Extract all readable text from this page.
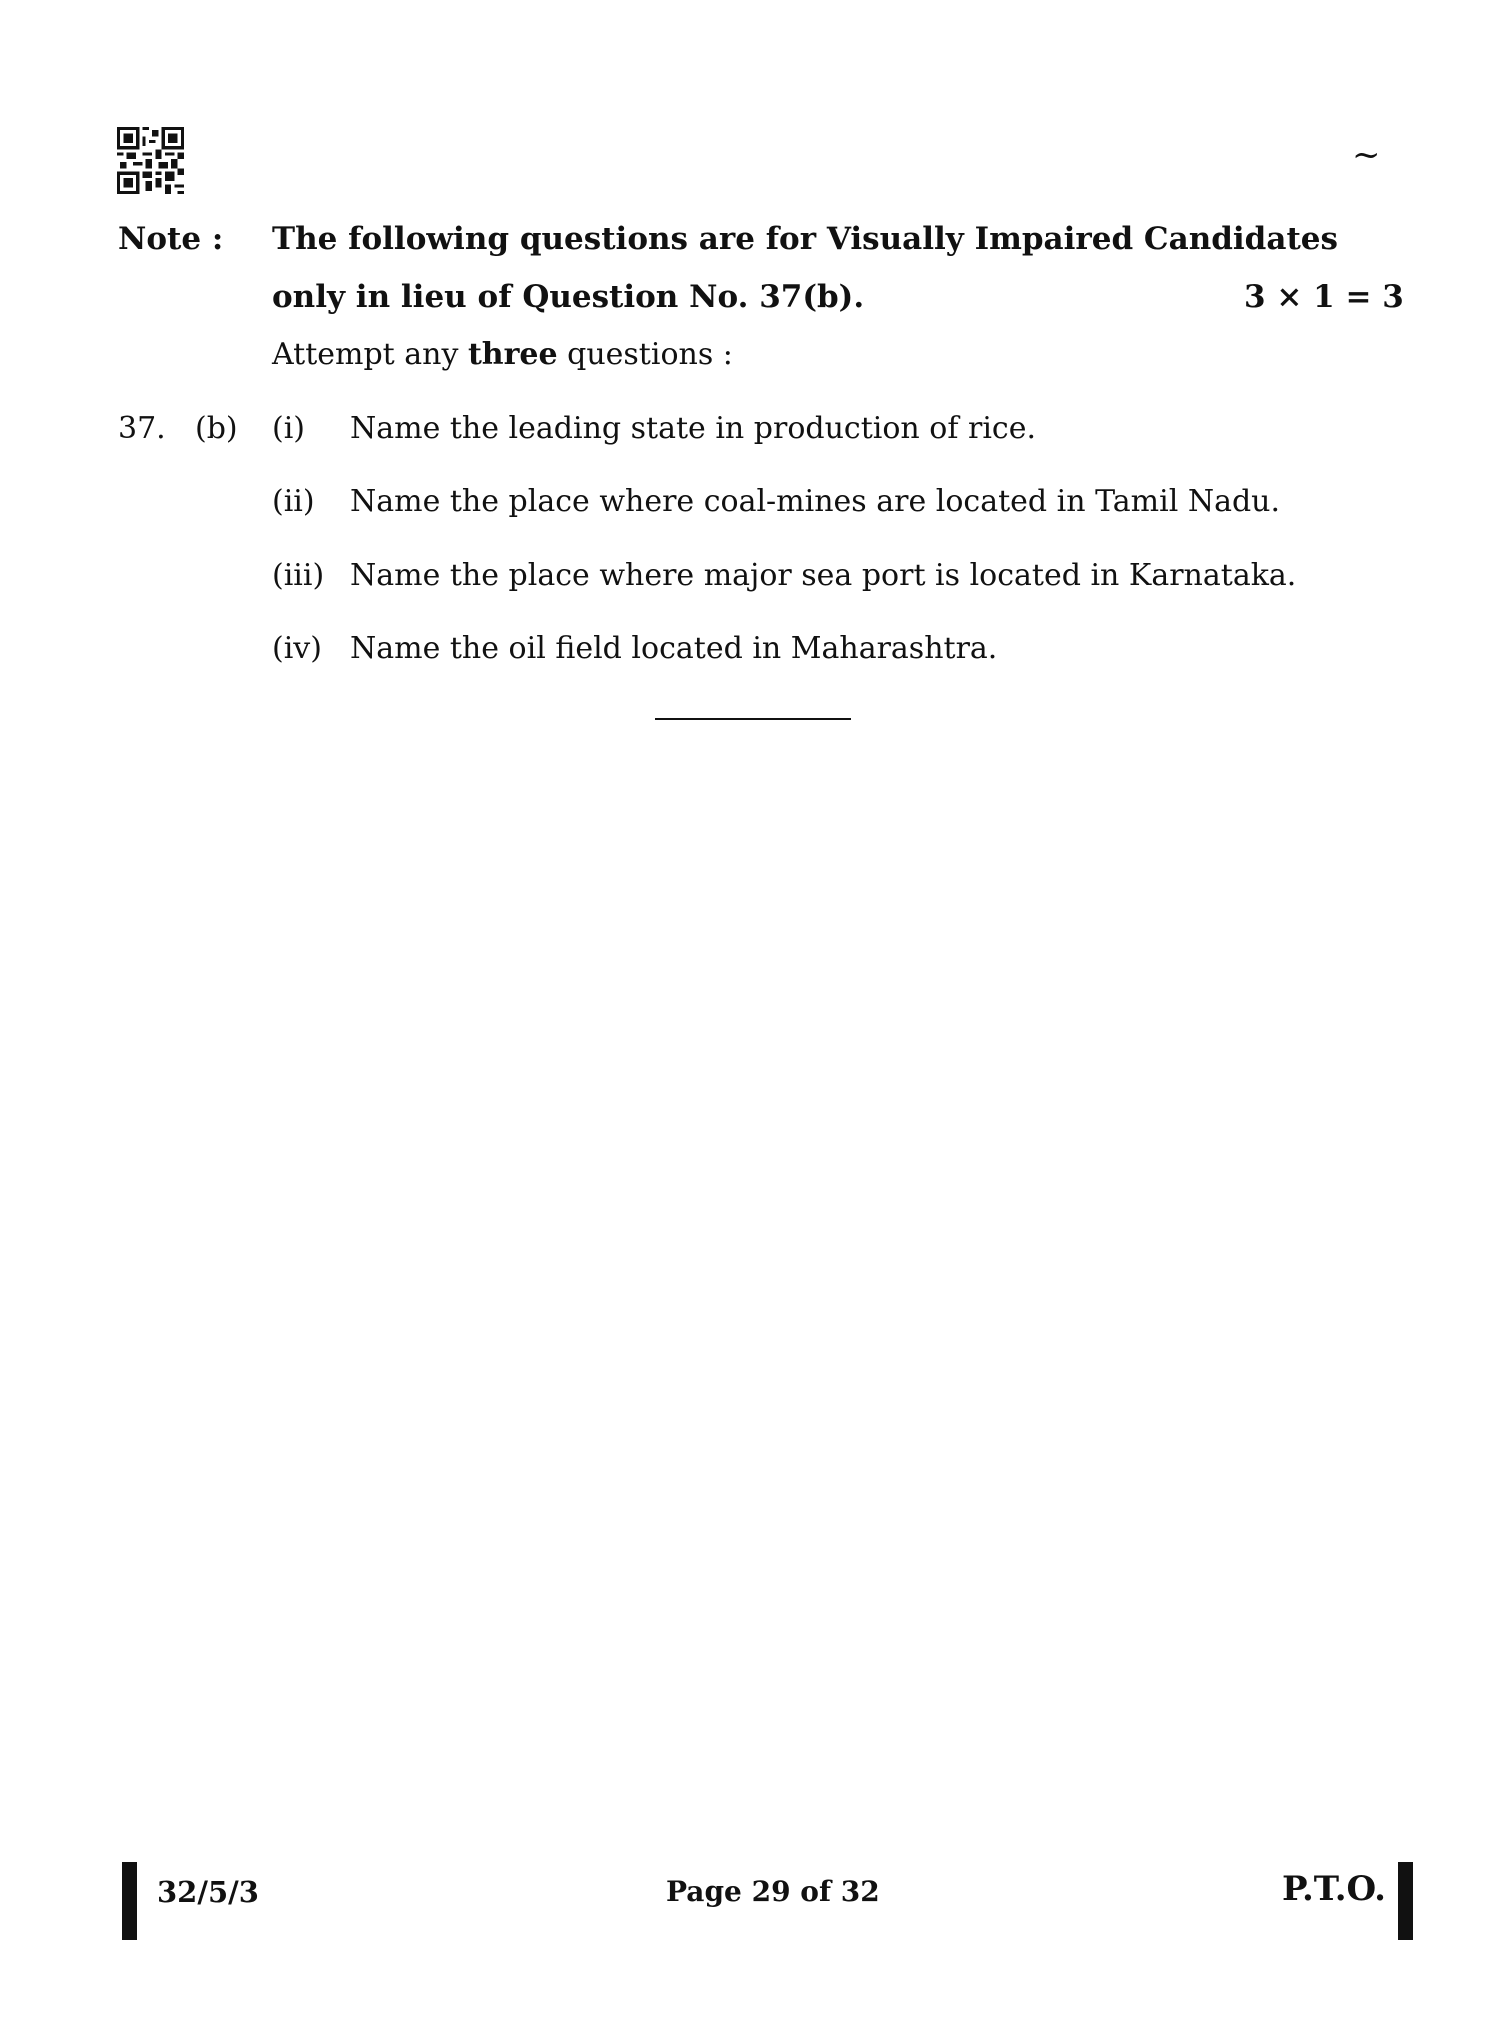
~
Note : The following questions are for Visually Impaired Candidates
only in lieu of Question No. 37(b).	3 × 1 = 3
Attempt any three questions :
37. (b) (i) Name the leading state in production of rice.
(ii) Name the place where coal-mines are located in Tamil Nadu.
(iii) Name the place where major sea port is located in Karnataka.
(iv) Name the oil field located in Maharashtra.
32/5/3	Page 29 of 32	P.T.O.
